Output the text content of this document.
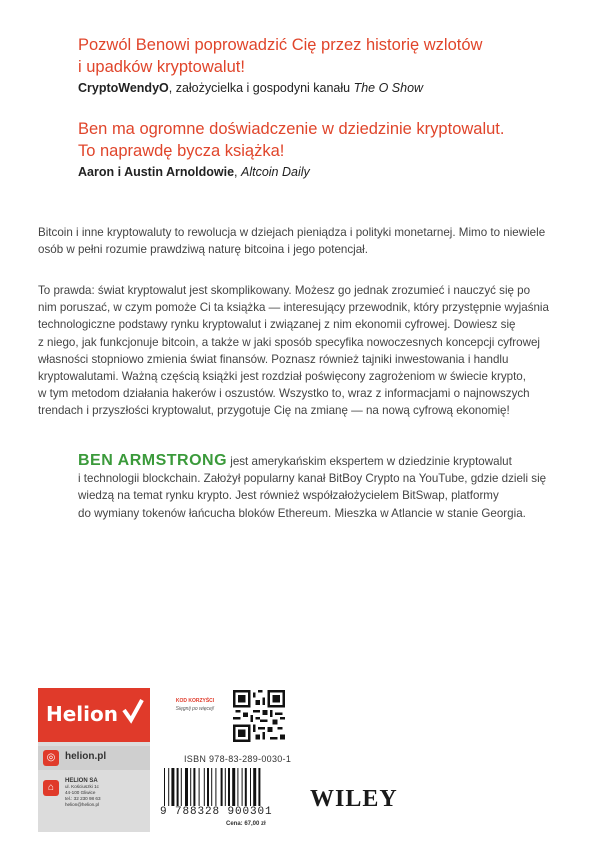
Pozwól Benowi poprowadzić Cię przez historię wzlotów
i upadków kryptowalut!
CryptoWendyO, założycielka i gospodyni kanału The O Show
Ben ma ogromne doświadczenie w dziedzinie kryptowalut.
To naprawdę bycza książka!
Aaron i Austin Arnoldowie, Altcoin Daily
Bitcoin i inne kryptowaluty to rewolucja w dziejach pieniądza i polityki monetarnej. Mimo to niewiele
osób w pełni rozumie prawdziwą naturę bitcoina i jego potencjał.
To prawda: świat kryptowalut jest skomplikowany. Możesz go jednak zrozumieć i nauczyć się po
nim poruszać, w czym pomoże Ci ta książka — interesujący przewodnik, który przystępnie wyjaśnia
technologiczne podstawy rynku kryptowalut i związanej z nim ekonomii cyfrowej. Dowiesz się
z niego, jak funkcjonuje bitcoin, a także w jaki sposób specyfika nowoczesnych koncepcji cyfrowej
własności stopniowo zmienia świat finansów. Poznasz również tajniki inwestowania i handlu
kryptowalutami. Ważną częścią książki jest rozdział poświęcony zagrożeniom w świecie krypto,
w tym metodom działania hakerów i oszustów. Wszystko to, wraz z informacjami o najnowszych
trendach i przyszłości kryptowalut, przygotuje Cię na zmianę — na nową cyfrową ekonomię!
BEN ARMSTRONG jest amerykańskim ekspertem w dziedzinie kryptowalut
i technologii blockchain. Założył popularny kanał BitBoy Crypto na YouTube, gdzie dzieli się
wiedzą na temat rynku krypto. Jest również współzałożycielem BitSwap, platformy
do wymiany tokenów łańcucha bloków Ethereum. Mieszka w Atlancie w stanie Georgia.
Helion
◎ helion.pl
⌂
HELION SA
ul. Kościuszki 1c
44-100 Gliwice
tel.: 32 230 98 63
helion@helion.pl
KOD KORZYŚCI
Sięgnij po więcej!
ISBN 978-83-289-0030-1
9 788328 900301
Cena: 67,00 zł
WILEY
